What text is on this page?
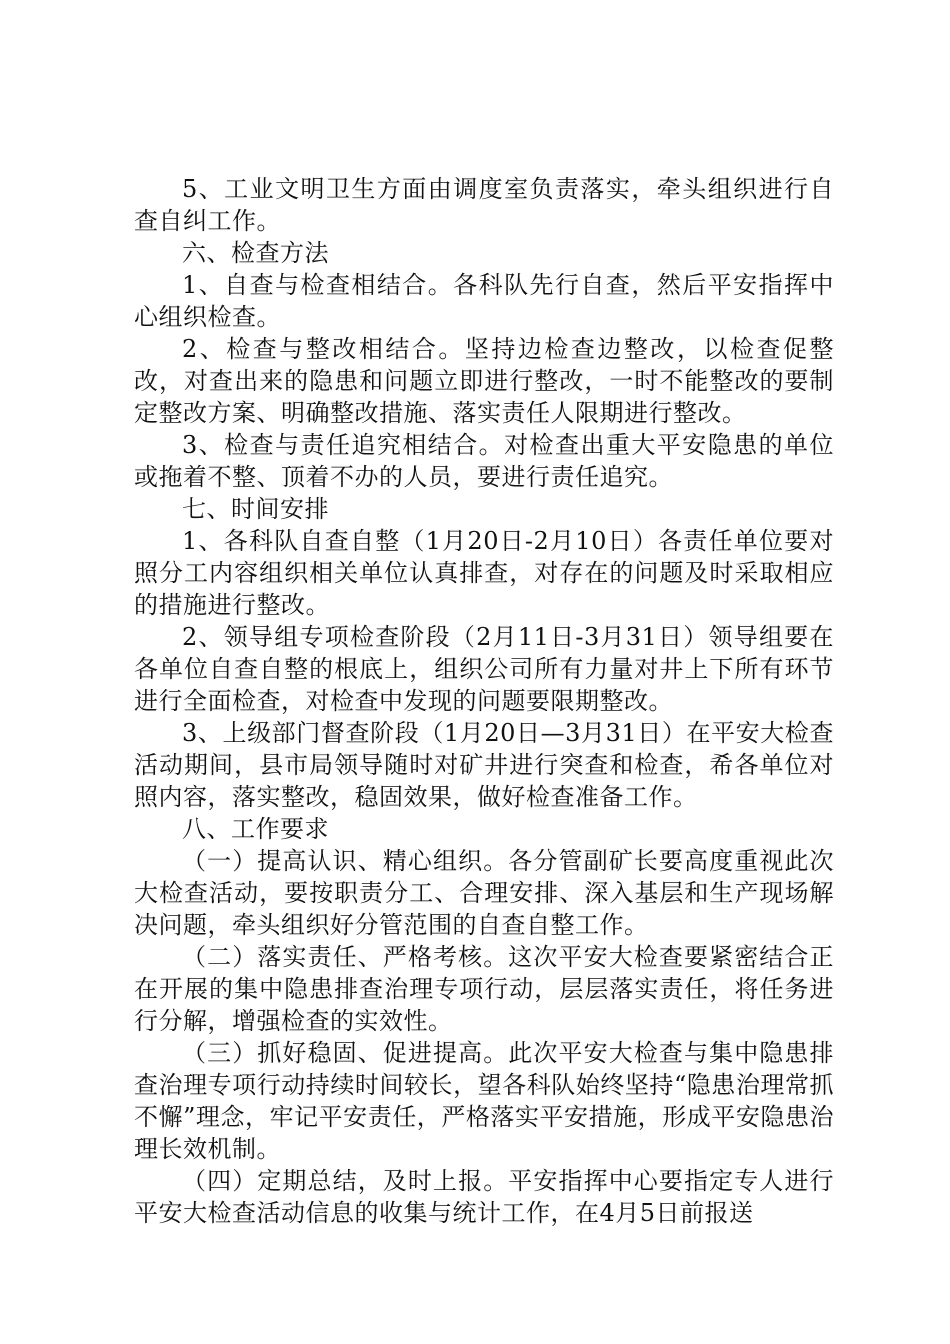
5、工业文明卫生方面由调度室负责落实，牵头组织进行自查自纠工作。

六、检查方法

1、自查与检查相结合。各科队先行自查，然后平安指挥中心组织检查。

2、检查与整改相结合。坚持边检查边整改，以检查促整改，对查出来的隐患和问题立即进行整改，一时不能整改的要制定整改方案、明确整改措施、落实责任人限期进行整改。

3、检查与责任追究相结合。对检查出重大平安隐患的单位或拖着不整、顶着不办的人员，要进行责任追究。

七、时间安排

1、各科队自查自整（1月20日-2月10日）各责任单位要对照分工内容组织相关单位认真排查，对存在的问题及时采取相应的措施进行整改。

2、领导组专项检查阶段（2月11日-3月31日）领导组要在各单位自查自整的根底上，组织公司所有力量对井上下所有环节进行全面检查，对检查中发现的问题要限期整改。

3、上级部门督查阶段（1月20日—3月31日）在平安大检查活动期间，县市局领导随时对矿井进行突查和检查，希各单位对照内容，落实整改，稳固效果，做好检查准备工作。

八、工作要求

（一）提高认识、精心组织。各分管副矿长要高度重视此次大检查活动，要按职责分工、合理安排、深入基层和生产现场解决问题，牵头组织好分管范围的自查自整工作。

（二）落实责任、严格考核。这次平安大检查要紧密结合正在开展的集中隐患排查治理专项行动，层层落实责任，将任务进行分解，增强检查的实效性。

（三）抓好稳固、促进提高。此次平安大检查与集中隐患排查治理专项行动持续时间较长，望各科队始终坚持“隐患治理常抓不懈”理念，牢记平安责任，严格落实平安措施，形成平安隐患治理长效机制。

（四）定期总结，及时上报。平安指挥中心要指定专人进行平安大检查活动信息的收集与统计工作，在4月5日前报送
